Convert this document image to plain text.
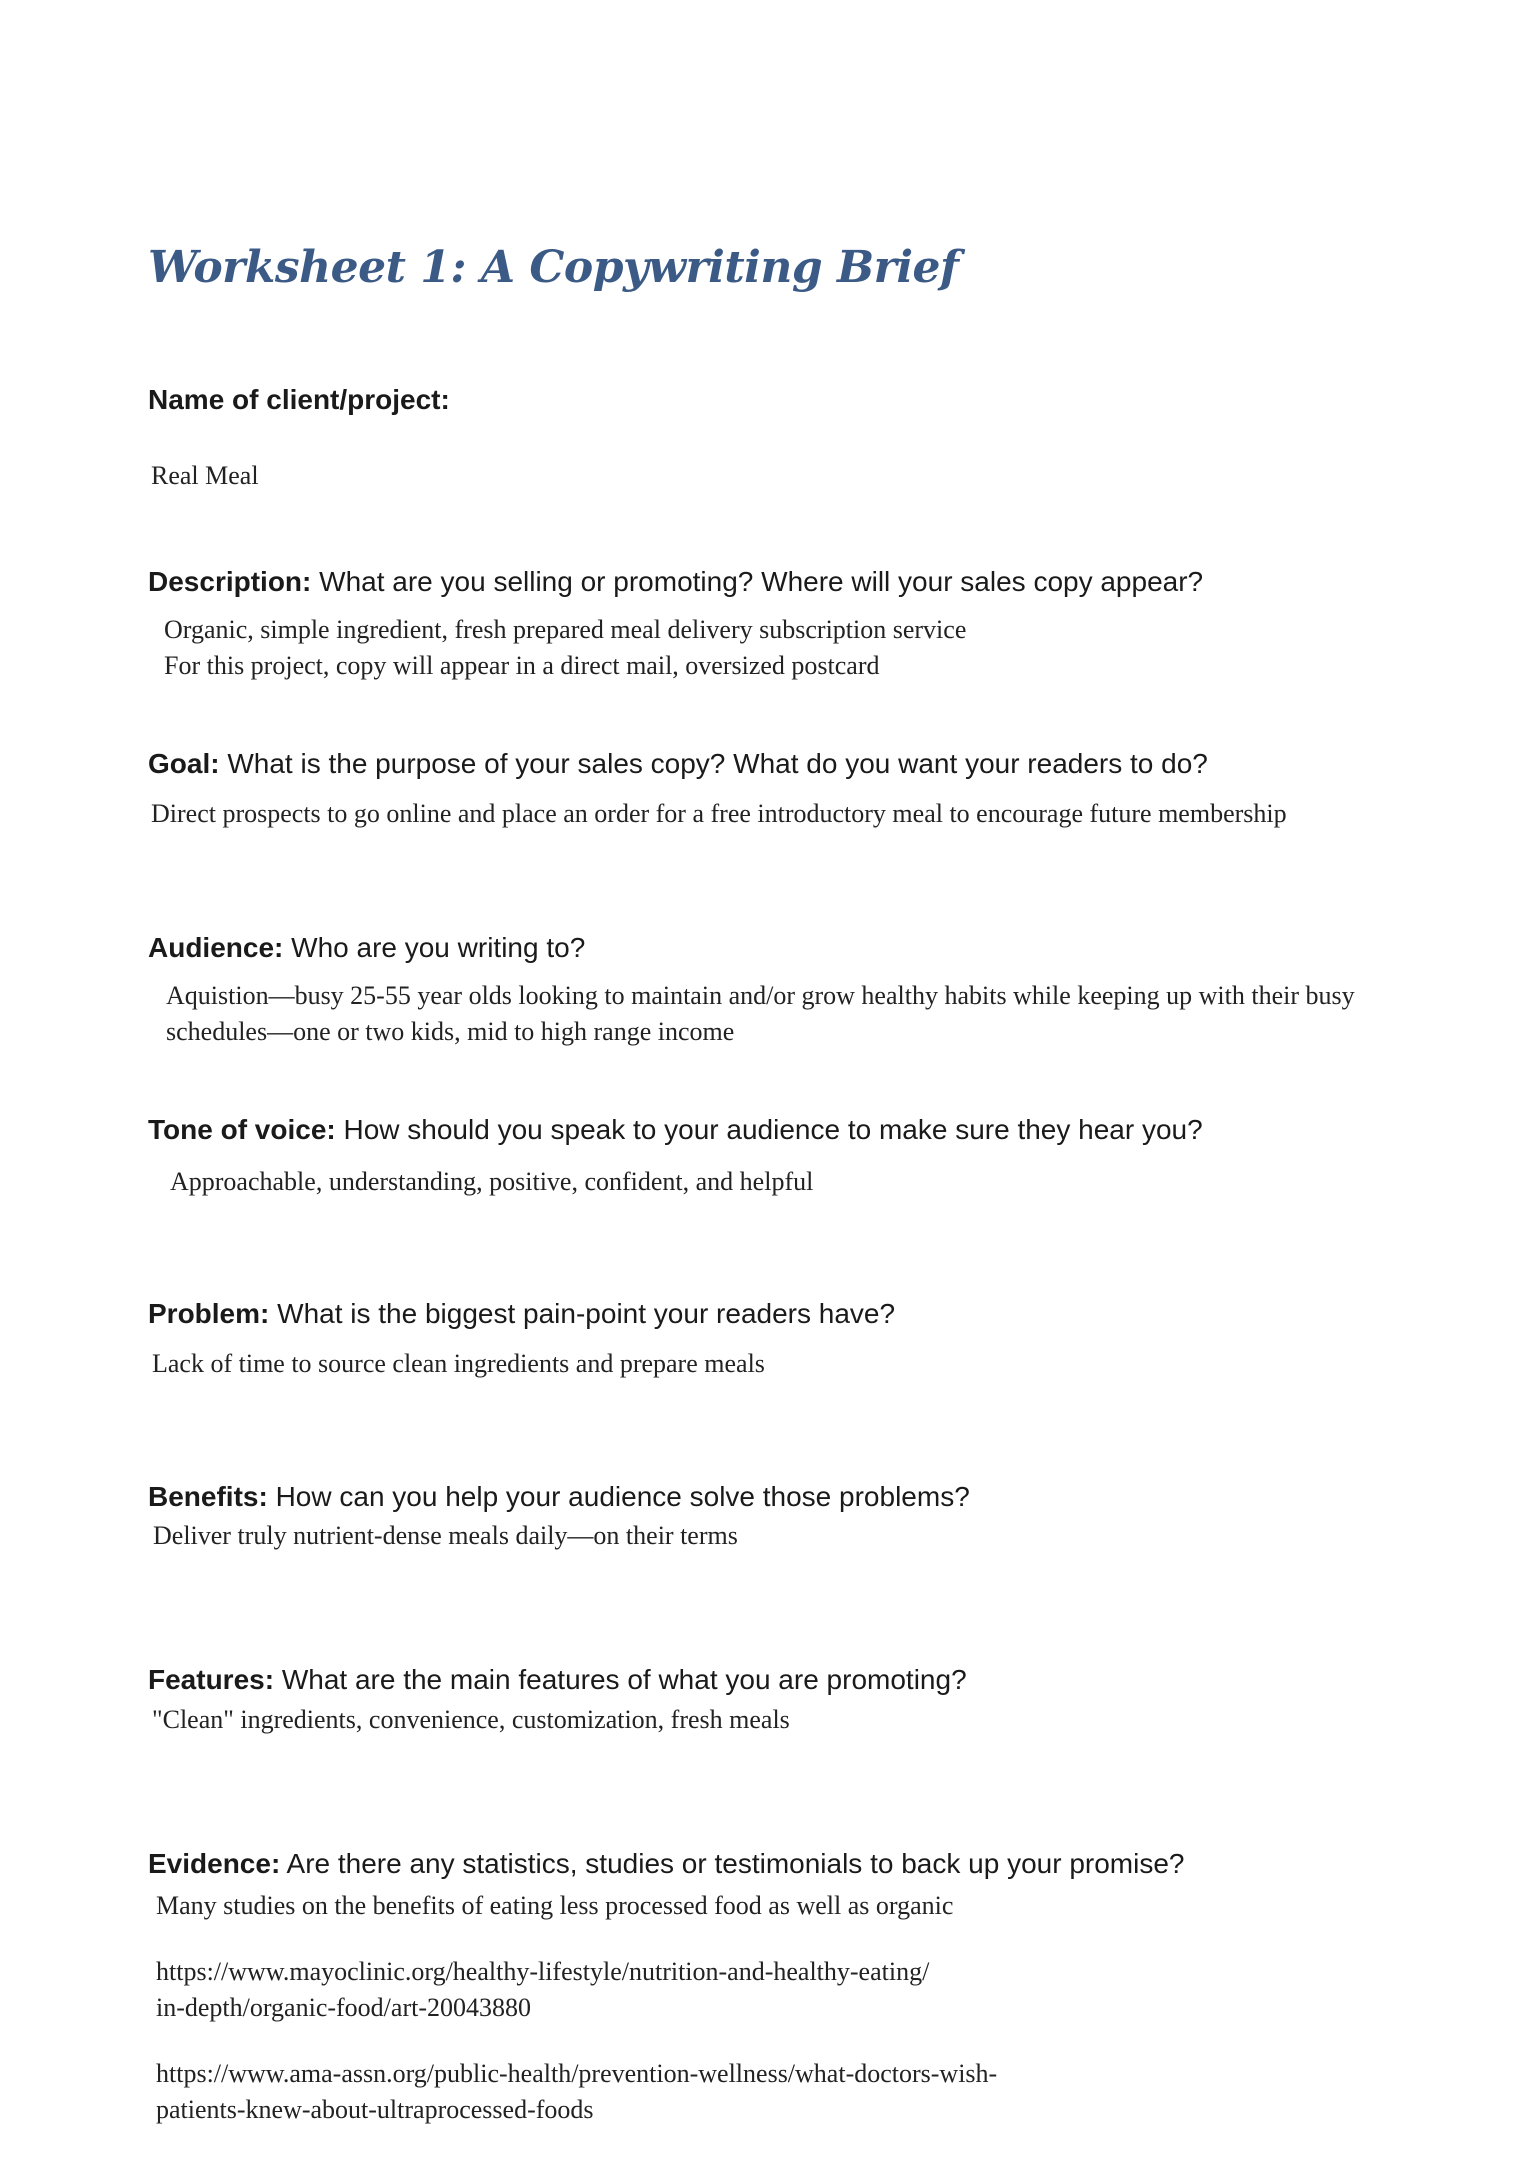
Worksheet 1: A Copywriting Brief

Name of client/project:

Real Meal

Description: What are you selling or promoting? Where will your sales copy appear?

Organic, simple ingredient, fresh prepared meal delivery subscription service
For this project, copy will appear in a direct mail, oversized postcard

Goal: What is the purpose of your sales copy? What do you want your readers to do?

Direct prospects to go online and place an order for a free introductory meal to encourage future membership

Audience: Who are you writing to?

Aquistion—busy 25-55 year olds looking to maintain and/or grow healthy habits while keeping up with their busy
schedules—one or two kids, mid to high range income

Tone of voice: How should you speak to your audience to make sure they hear you?

Approachable, understanding, positive, confident, and helpful

Problem: What is the biggest pain-point your readers have?

Lack of time to source clean ingredients and prepare meals

Benefits: How can you help your audience solve those problems?

Deliver truly nutrient-dense meals daily—on their terms

Features: What are the main features of what you are promoting?

"Clean" ingredients, convenience, customization, fresh meals

Evidence: Are there any statistics, studies or testimonials to back up your promise?

Many studies on the benefits of eating less processed food as well as organic

https://www.mayoclinic.org/healthy-lifestyle/nutrition-and-healthy-eating/
in-depth/organic-food/art-20043880

https://www.ama-assn.org/public-health/prevention-wellness/what-doctors-wish-
patients-knew-about-ultraprocessed-foods
